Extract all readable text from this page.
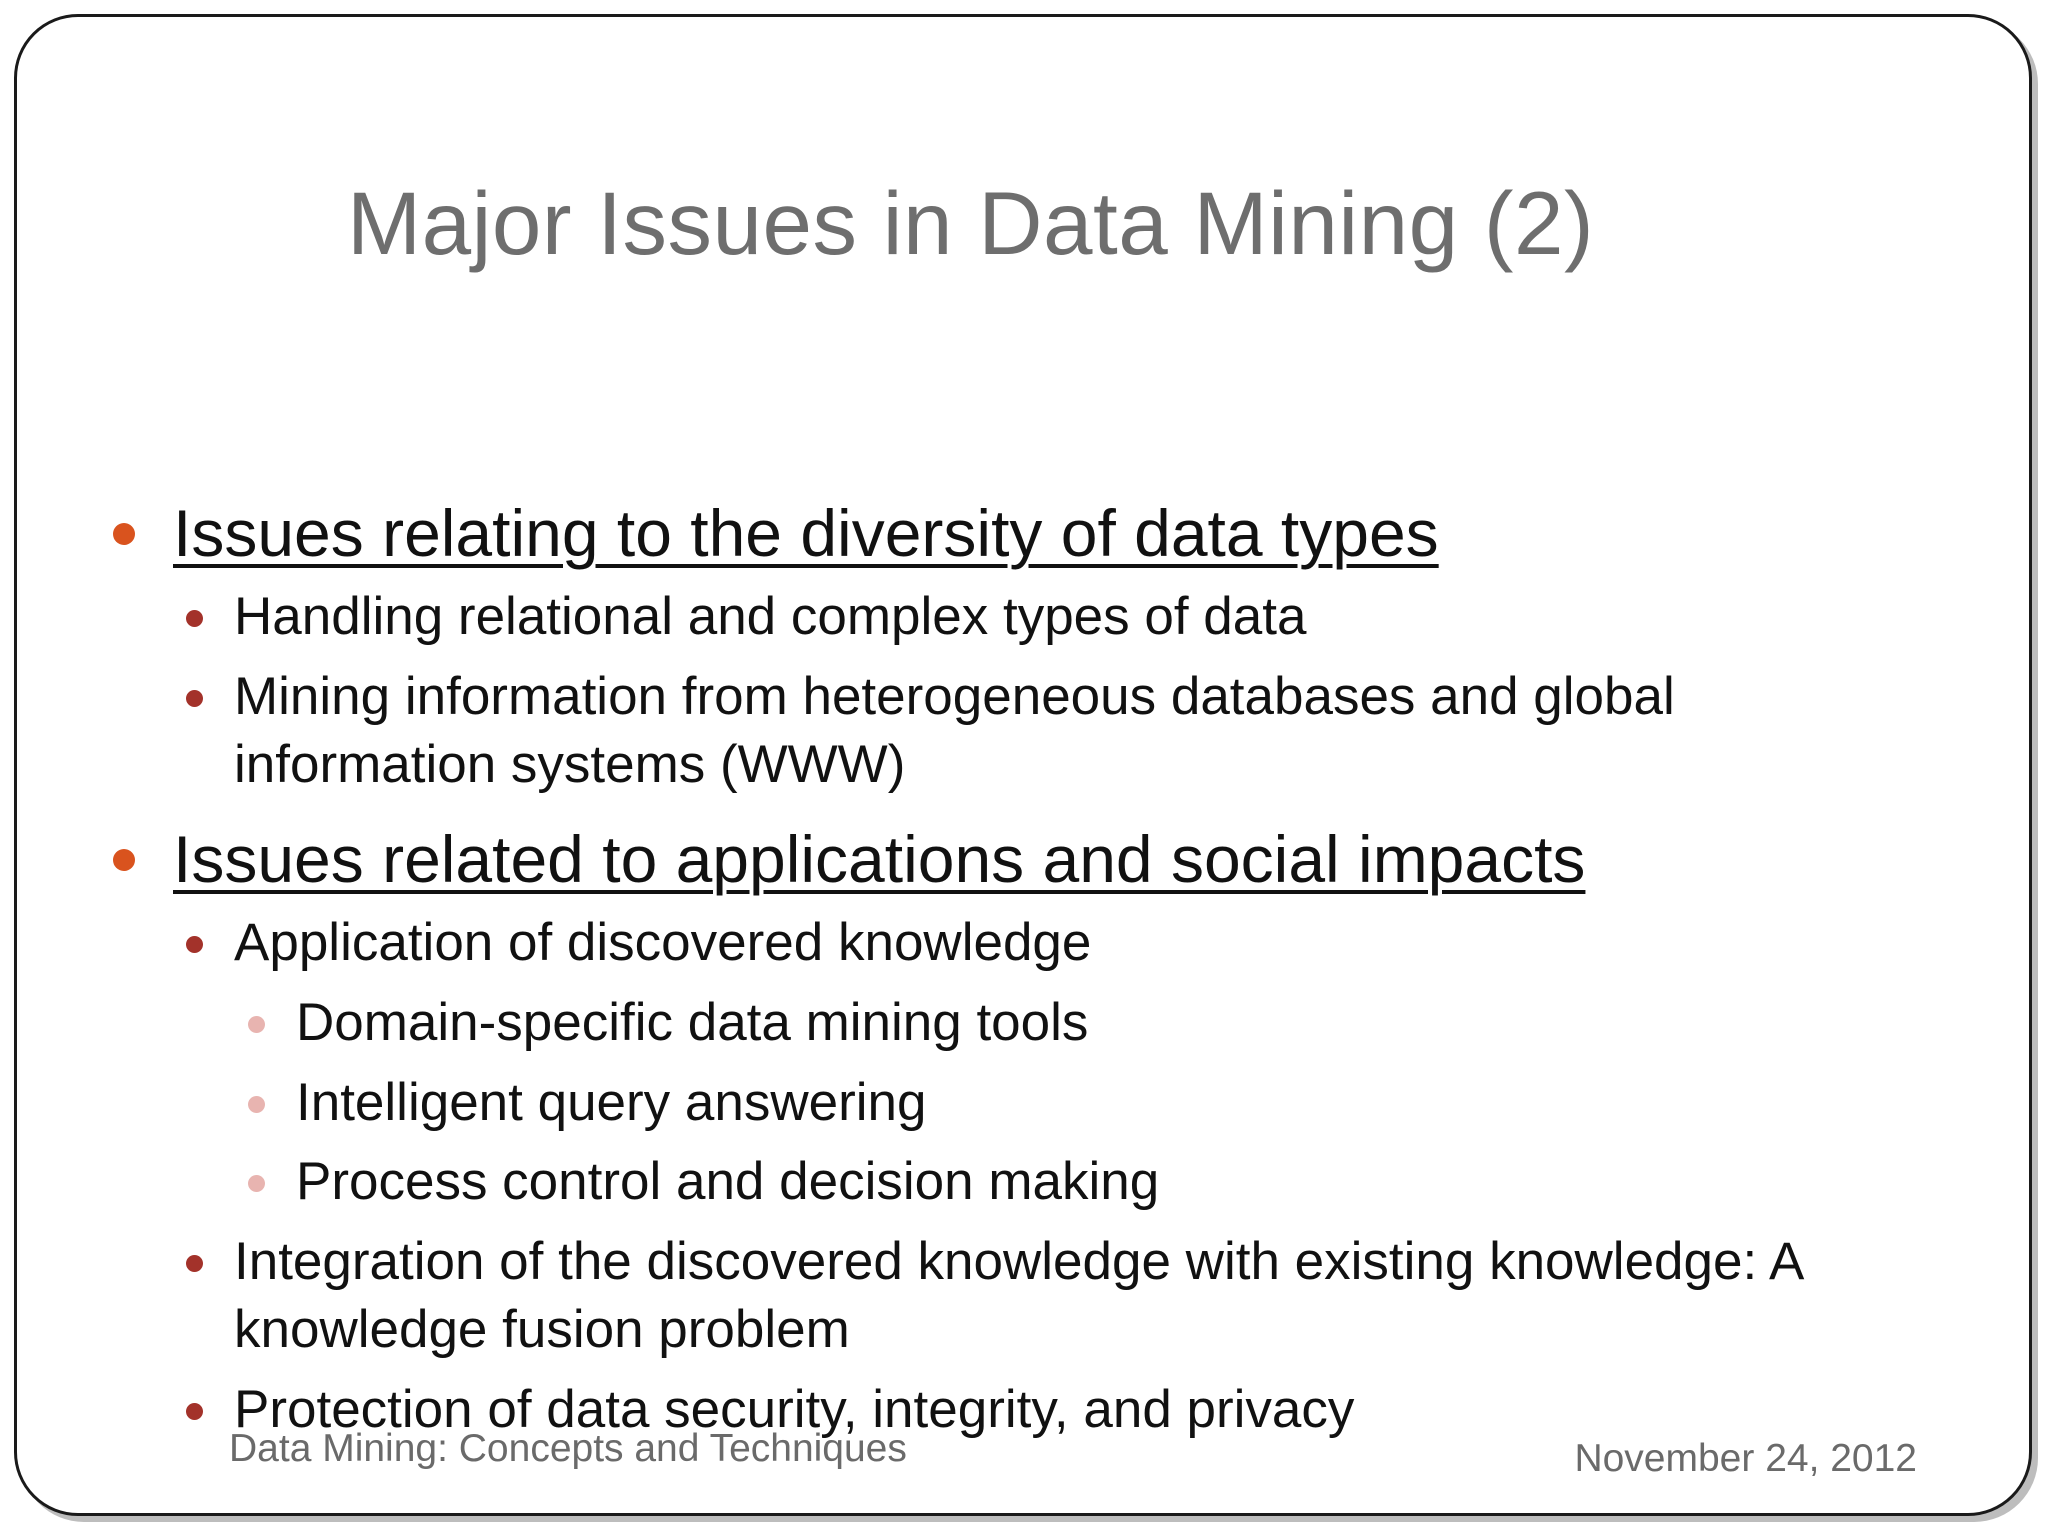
Major Issues in Data Mining (2)
Issues relating to the diversity of data types
Handling relational and complex types of data
Mining information from heterogeneous databases and global
information systems (WWW)
Issues related to applications and social impacts
Application of discovered knowledge
Domain-specific data mining tools
Intelligent query answering
Process control and decision making
Integration of the discovered knowledge with existing knowledge: A
knowledge fusion problem
Protection of data security, integrity, and privacy
Data Mining: Concepts and Techniques	November 24, 2012
